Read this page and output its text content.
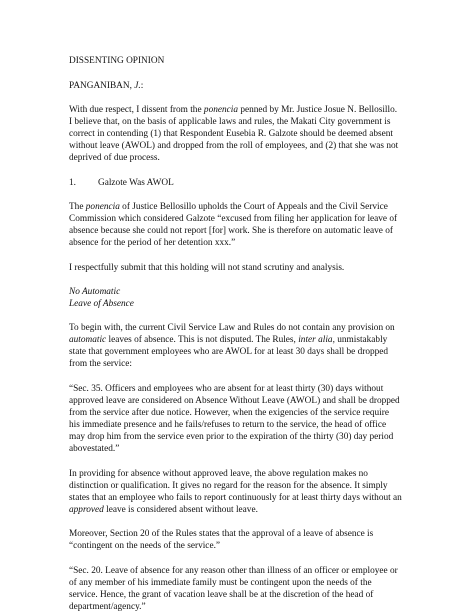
DISSENTING OPINION

PANGANIBAN, J.:

With due respect, I dissent from the ponencia penned by Mr. Justice Josue N. Bellosillo.

I believe that, on the basis of applicable laws and rules, the Makati City government is

correct in contending (1) that Respondent Eusebia R. Galzote should be deemed absent

without leave (AWOL) and dropped from the roll of employees, and (2) that she was not

deprived of due process.

1. Galzote Was AWOL

The ponencia of Justice Bellosillo upholds the Court of Appeals and the Civil Service

Commission which considered Galzote “excused from filing her application for leave of

absence because she could not report [for] work. She is therefore on automatic leave of

absence for the period of her detention xxx.”

I respectfully submit that this holding will not stand scrutiny and analysis.

No Automatic

Leave of Absence

To begin with, the current Civil Service Law and Rules do not contain any provision on

automatic leaves of absence. This is not disputed. The Rules, inter alia, unmistakably

state that government employees who are AWOL for at least 30 days shall be dropped

from the service:

“Sec. 35. Officers and employees who are absent for at least thirty (30) days without

approved leave are considered on Absence Without Leave (AWOL) and shall be dropped

from the service after due notice. However, when the exigencies of the service require

his immediate presence and he fails/refuses to return to the service, the head of office

may drop him from the service even prior to the expiration of the thirty (30) day period

abovestated.”

In providing for absence without approved leave, the above regulation makes no

distinction or qualification. It gives no regard for the reason for the absence. It simply

states that an employee who fails to report continuously for at least thirty days without an

approved leave is considered absent without leave.

Moreover, Section 20 of the Rules states that the approval of a leave of absence is

“contingent on the needs of the service.”

“Sec. 20. Leave of absence for any reason other than illness of an officer or employee or

of any member of his immediate family must be contingent upon the needs of the

service. Hence, the grant of vacation leave shall be at the discretion of the head of

department/agency.”
